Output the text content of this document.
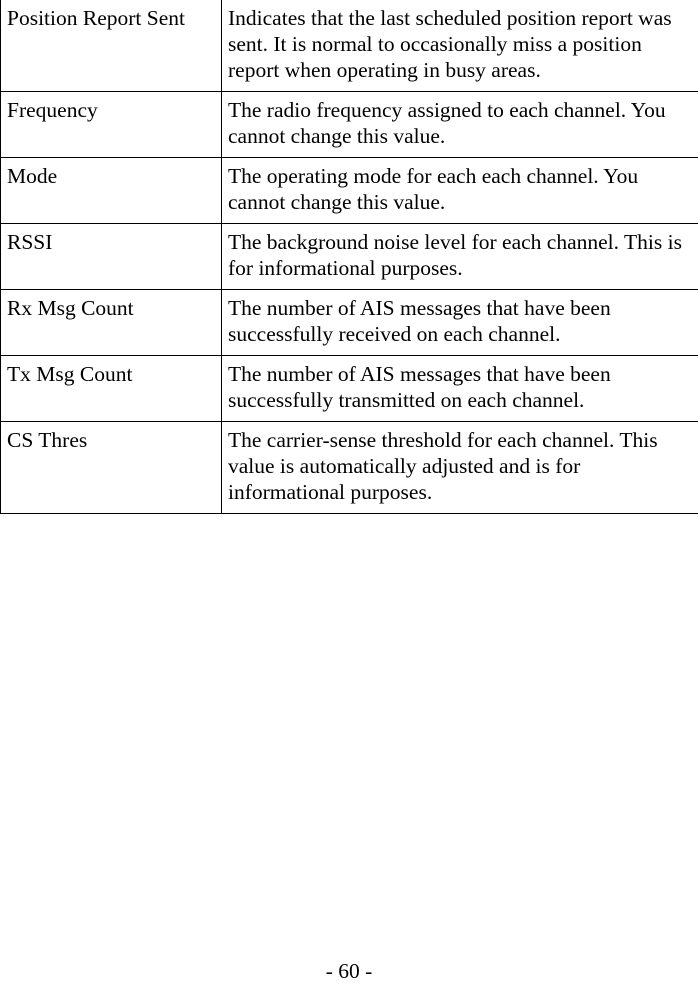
Position Report Sent	Indicates that the last scheduled position report was sent. It is normal to occasionally miss a position report when operating in busy areas.
Frequency	The radio frequency assigned to each channel. You cannot change this value.
Mode	The operating mode for each each channel. You cannot change this value.
RSSI	The background noise level for each channel. This is for informational purposes.
Rx Msg Count	The number of AIS messages that have been successfully received on each channel.
Tx Msg Count	The number of AIS messages that have been successfully transmitted on each channel.
CS Thres	The carrier-sense threshold for each channel. This value is automatically adjusted and is for informational purposes.
- 60 -
